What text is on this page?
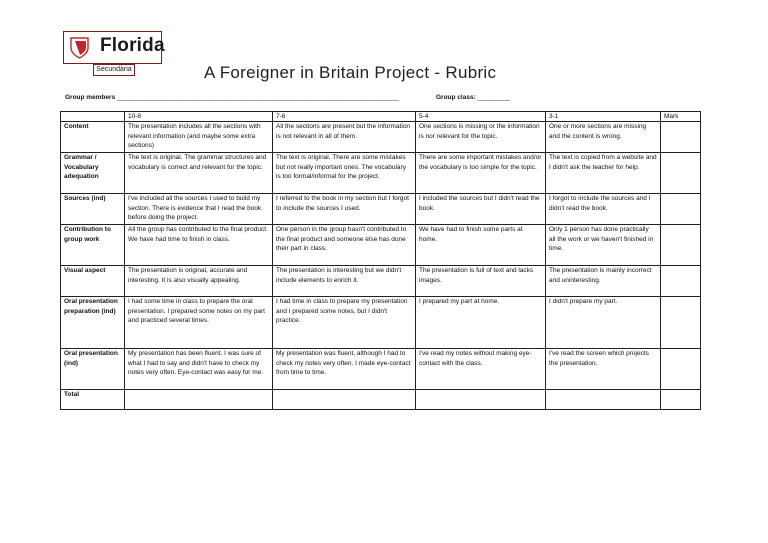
Florida
Secundària	A Foreigner in Britain Project - Rubric
Group members ______________________________________________________________________________	Group class: _________
	10-8	7-6	5-4	3-1	Mark
Content	The presentation includes all the sections with relevant information (and maybe some extra sections)	All the sections are present but the information is not relevant in all of them.	One sections is missing or the information is nor relevant for the topic.	One or more sections are missing and the content is wrong.	
Grammar / Vocabulary adequation	The text is original. The grammar structures and vocabulary is correct and relevant for the topic.	The text is original. There are some mistakes but not really important ones. The vocabulary is too formal/informal for the project.	There are some important mistakes and/or the vocabulary is too simple for the topic.	The text is copied from a website and I didn't ask the teacher for help.	
Sources (ind)	I've included all the sources I used to build my section. There is evidence that I read the book before doing the project.	I referred to the book in my section but I forgot to include the sources I used.	I included the sources but I didn't read the book.	I forgot to include the sources and I didn't read the book.	
Contribution to group work	All the group has contributed to the final product. We have had time to finish in class.	One person in the group hasn't contributed to the final product and someone else has done their part in class.	We have had to finish some parts at home.	Only 1 person has done practically all the work or we haven't finished in time.	
Visual aspect	The presentation is original, accurate and interesting. It is also visually appealing.	The presentation is interesting but we didn't include elements to enrich it.	The presentation is full of text and lacks images.	The presentation is mainly incorrect and uninteresting.	
Oral presentation preparation (ind)	I had some time in class to prepare the oral presentation. I prepared some notes on my part and practiced several times.	I had time in class to prepare my presentation and I prepared some notes, but I didn't practice.	I prepared my part at home.	I didn't prepare my part.	
Oral presentation (ind)	My presentation has been fluent. I was sure of what I had to say and didn't have to check my notes very often. Eye-contact was easy for me.	My presentation was fluent, although I had to check my notes very often. I made eye-contact from time to time.	I've read my notes without making eye-contact with the class.	I've read the screen which projects the presentation.	
Total					
